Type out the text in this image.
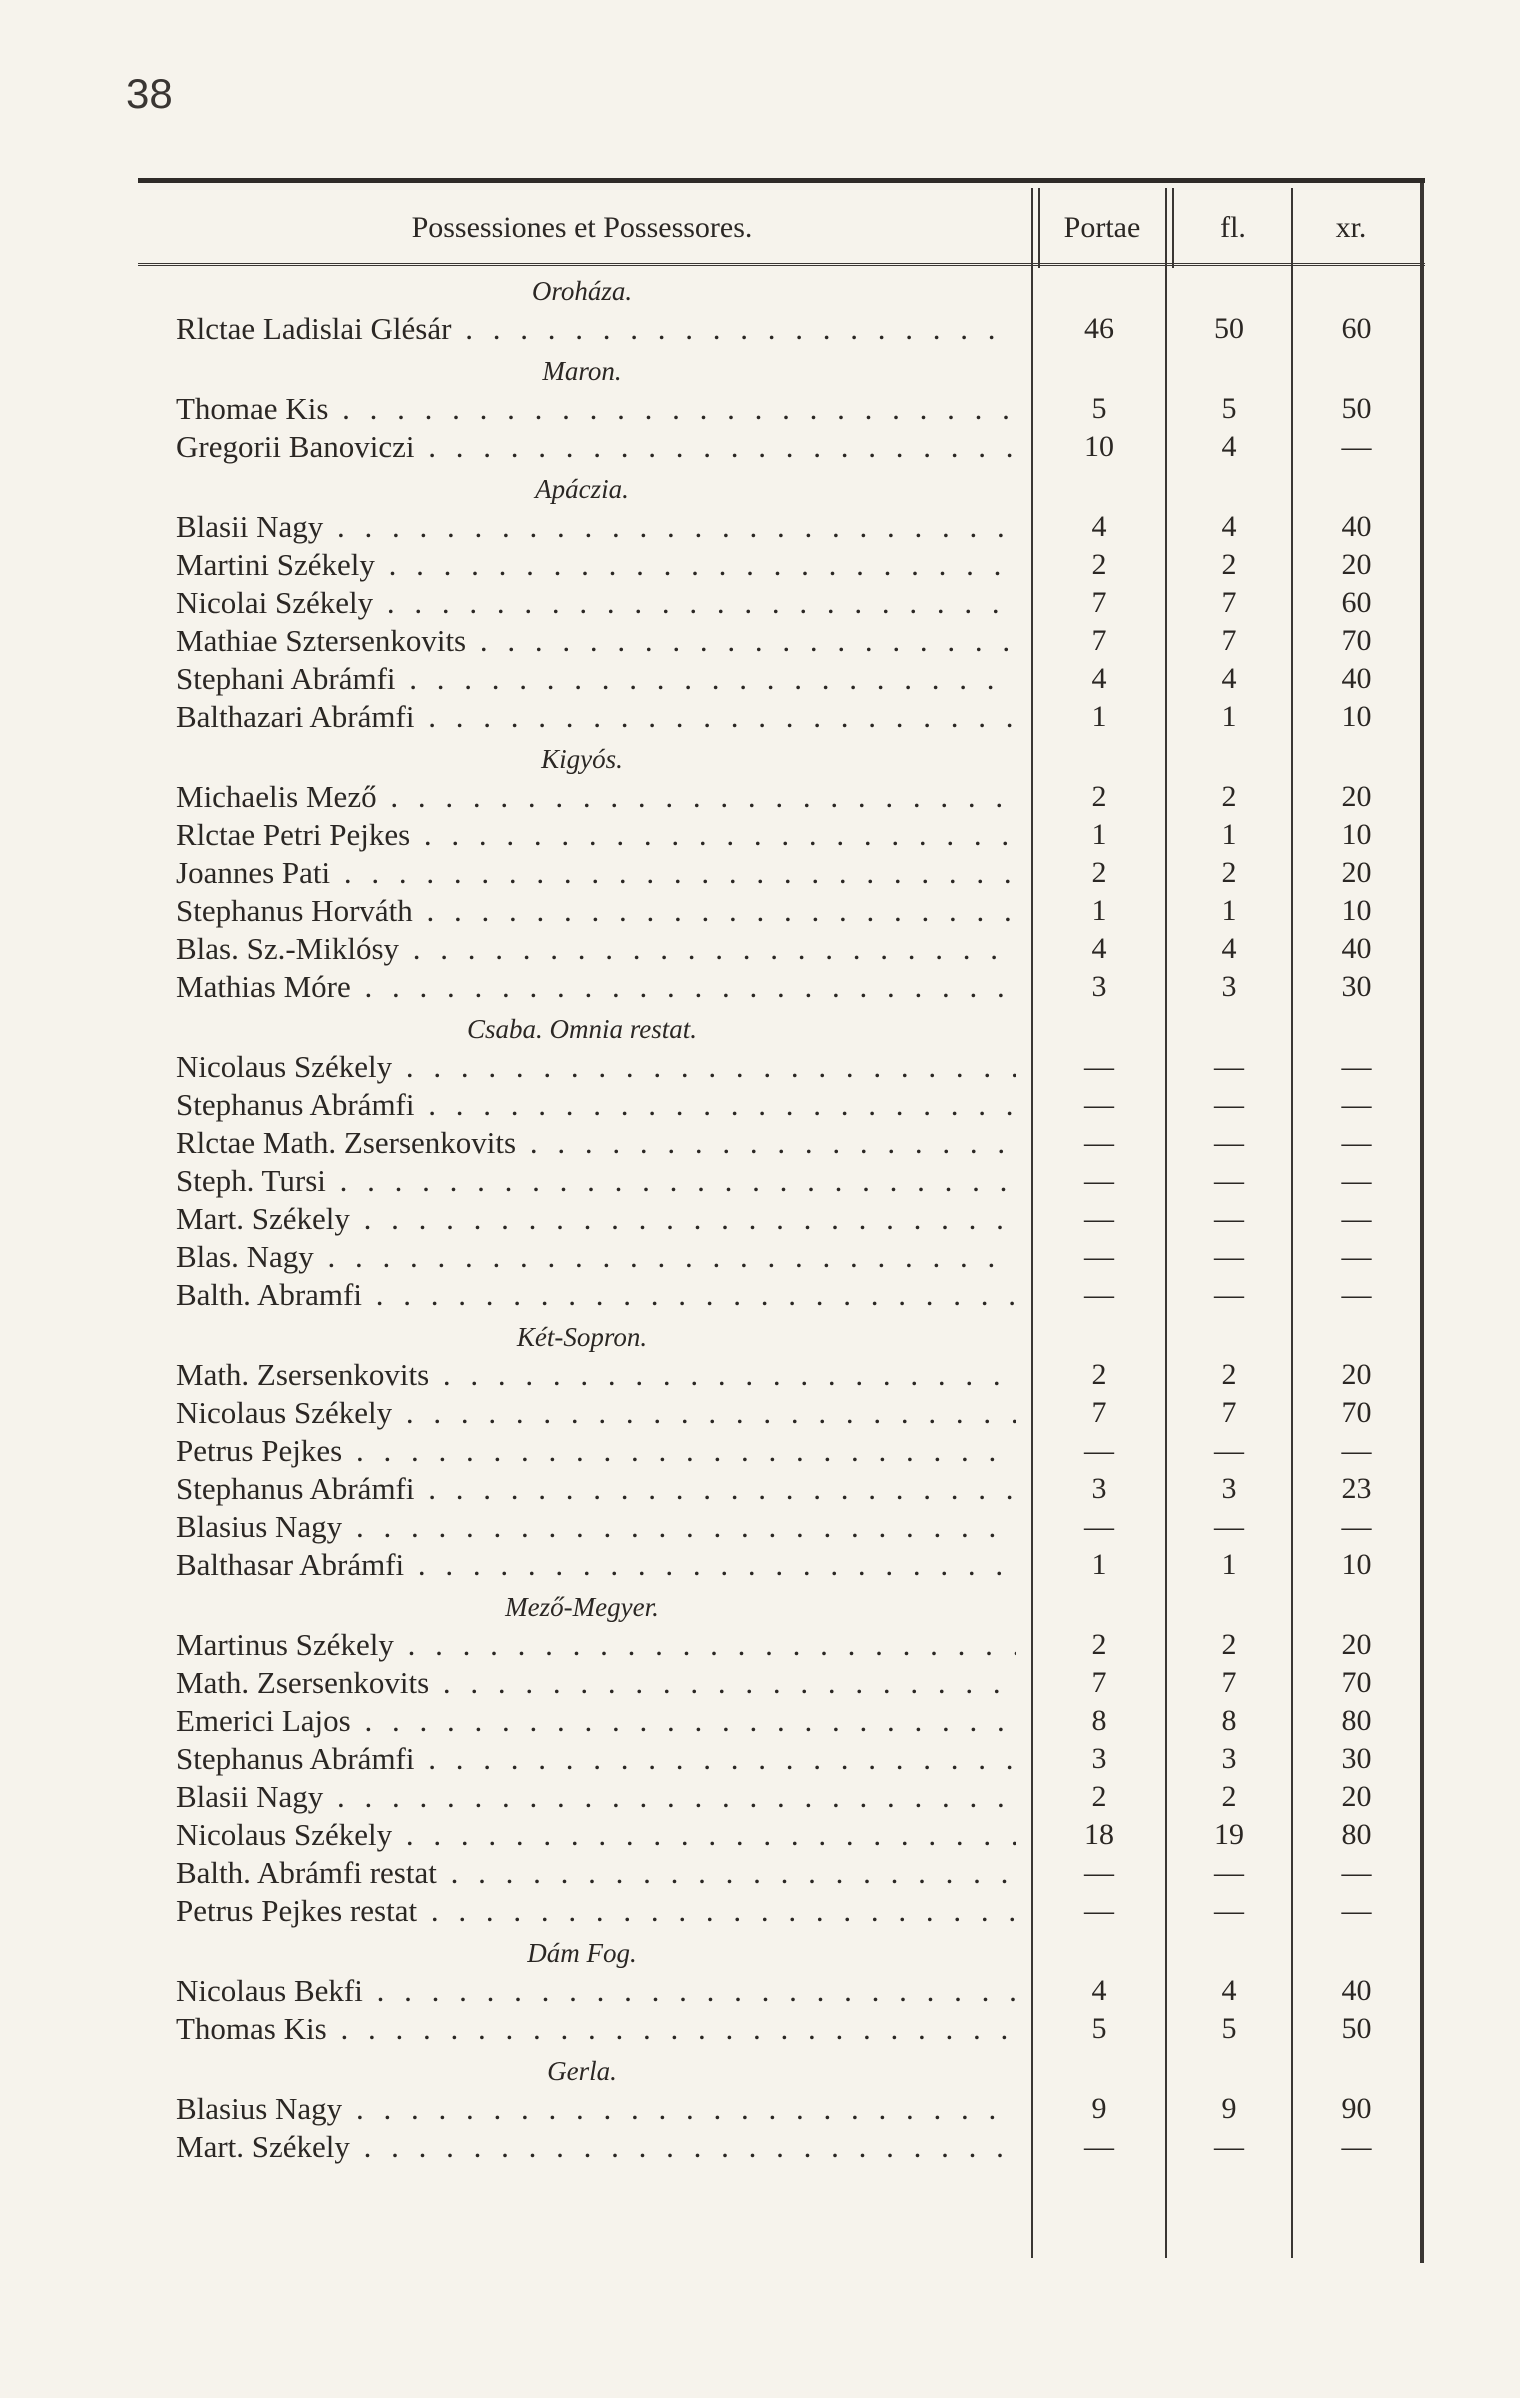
38
Possessiones et Possessores.	Portae	fl.	xr.
Oroháza.
Rlctae Ladislai Glésár . . .	46	50	60
Maron.
Thomae Kis . . .	5	5	50
Gregorii Banoviczi . . .	10	4	—
Apáczia.
Blasii Nagy . . .	4	4	40
Martini Székely . . .	2	2	20
Nicolai Székely . . .	7	7	60
Mathiae Sztersenkovits . . .	7	7	70
Stephani Abrámfi . . .	4	4	40
Balthazari Abrámfi . . .	1	1	10
Kigyós.
Michaelis Mező . . .	2	2	20
Rlctae Petri Pejkes . . .	1	1	10
Joannes Pati . . .	2	2	20
Stephanus Horváth . . .	1	1	10
Blas. Sz.-Miklósy . . .	4	4	40
Mathias Móre . . .	3	3	30
Csaba. Omnia restat.
Nicolaus Székely . . .	—	—	—
Stephanus Abrámfi . . .	—	—	—
Rlctae Math. Zsersenkovits . . .	—	—	—
Steph. Tursi . . .	—	—	—
Mart. Székely . . .	—	—	—
Blas. Nagy . . .	—	—	—
Balth. Abramfi . . .	—	—	—
Két-Sopron.
Math. Zsersenkovits . . .	2	2	20
Nicolaus Székely . . .	7	7	70
Petrus Pejkes . . .	—	—	—
Stephanus Abrámfi . . .	3	3	23
Blasius Nagy . . .	—	—	—
Balthasar Abrámfi . . .	1	1	10
Mező-Megyer.
Martinus Székely . . .	2	2	20
Math. Zsersenkovits . . .	7	7	70
Emerici Lajos . . .	8	8	80
Stephanus Abrámfi . . .	3	3	30
Blasii Nagy . . .	2	2	20
Nicolaus Székely . . .	18	19	80
Balth. Abrámfi restat . . .	—	—	—
Petrus Pejkes restat . . .	—	—	—
Dám Fog.
Nicolaus Bekfi . . .	4	4	40
Thomas Kis . . .	5	5	50
Gerla.
Blasius Nagy . . .	9	9	90
Mart. Székely . . .	—	—	—
